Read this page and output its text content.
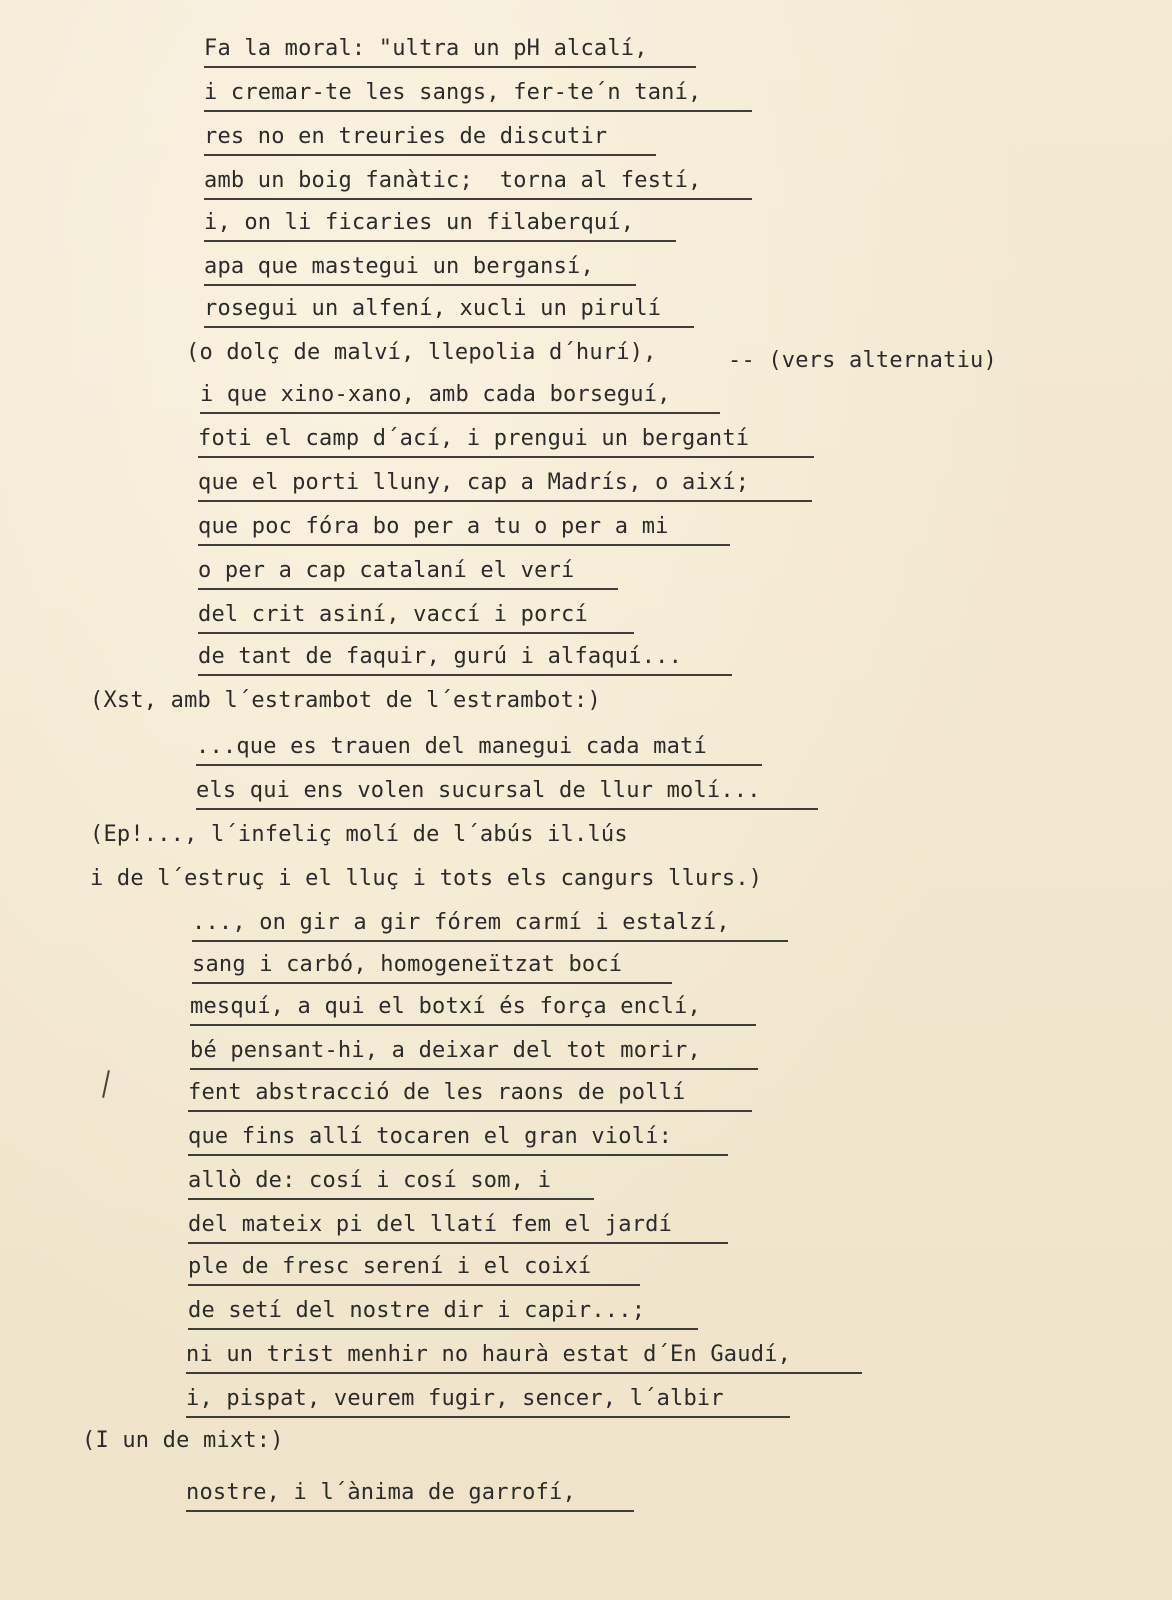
Fa la moral: "ultra un pH alcalí,
i cremar-te les sangs, fer-te´n taní,
res no en treuries de discutir
amb un boig fanàtic;  torna al festí,
i, on li ficaries un filaberquí,
apa que mastegui un bergansí,
rosegui un alfení, xucli un pirulí
(o dolç de malví, llepolia d´hurí),	-- (vers alternatiu)
i que xino-xano, amb cada borseguí,
foti el camp d´ací, i prengui un bergantí
que el porti lluny, cap a Madrís, o així;
que poc fóra bo per a tu o per a mi
o per a cap catalaní el verí
del crit asiní, vaccí i porcí
de tant de faquir, gurú i alfaquí...
(Xst, amb l´estrambot de l´estrambot:)
...que es trauen del manegui cada matí
els qui ens volen sucursal de llur molí...
(Ep!..., l´infeliç molí de l´abús il.lús
i de l´estruç i el lluç i tots els cangurs llurs.)
..., on gir a gir fórem carmí i estalzí,
sang i carbó, homogeneïtzat bocí
mesquí, a qui el botxí és força enclí,
bé pensant-hi, a deixar del tot morir,
fent abstracció de les raons de pollí
que fins allí tocaren el gran violí:
allò de: cosí i cosí som, i
del mateix pi del llatí fem el jardí
ple de fresc serení i el coixí
de setí del nostre dir i capir...;
ni un trist menhir no haurà estat d´En Gaudí,
i, pispat, veurem fugir, sencer, l´albir
(I un de mixt:)
nostre, i l´ànima de garrofí,
